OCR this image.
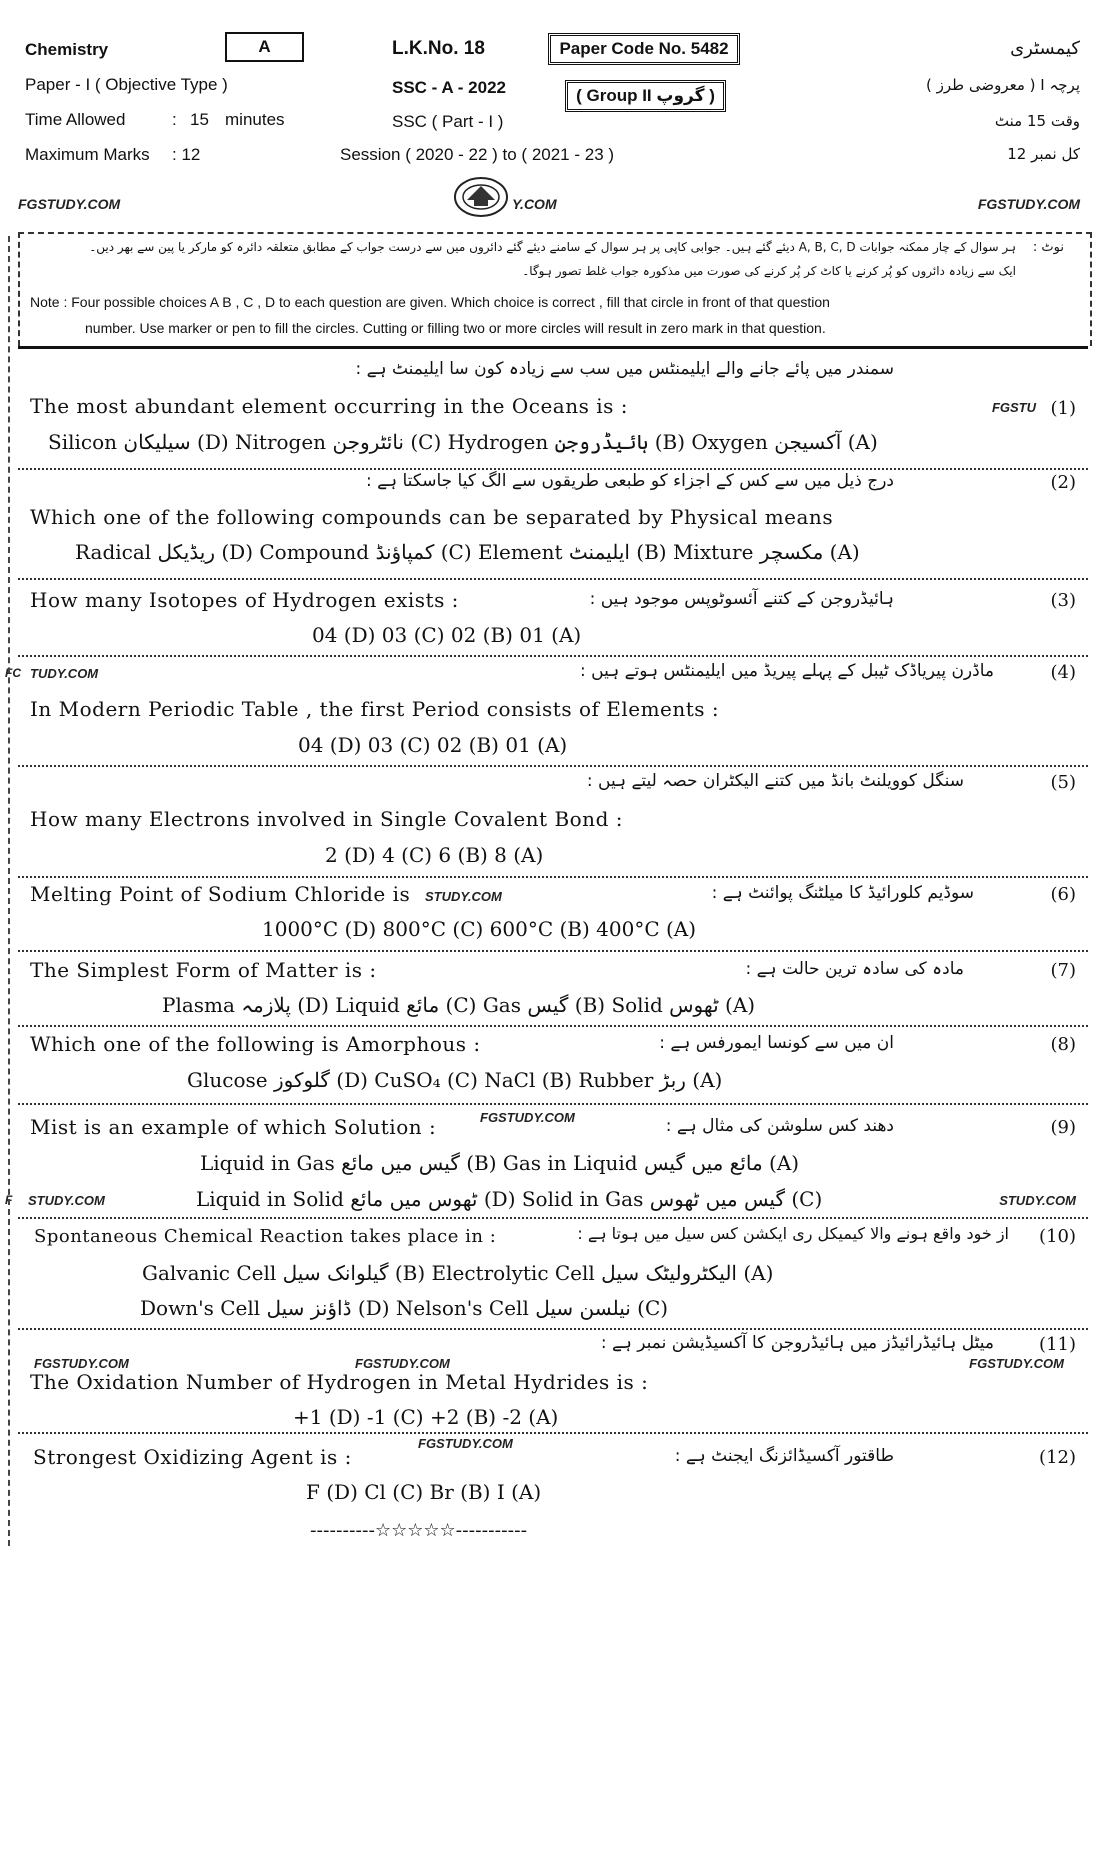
Chemistry
Paper - I ( Objective Type )
Time Allowed	: 15 minutes
Maximum Marks : 12
A	L.K.No. 18
SSC - A - 2022
SSC ( Part - I )
Session ( 2020 - 22 ) to ( 2021 - 23 )
Paper Code No. 5482
( Group II گروپ )
کیمسٹری
پرچہ I ( معروضی طرز )
وقت 15 منٹ
کل نمبر 12
FGSTUDY.COM	Y.COM	FGSTUDY.COM
نوٹ :
ہر سوال کے چار ممکنہ جوابات A, B, C, D دیئے گئے ہیں۔ جوابی کاپی پر ہر سوال کے سامنے دیئے گئے دائروں میں سے درست جواب کے مطابق متعلقہ دائرہ کو مارکر یا پین سے بھر دیں۔
ایک سے زیادہ دائروں کو پُر کرنے یا کاٹ کر پُر کرنے کی صورت میں مذکورہ جواب غلط تصور ہوگا۔
Note : Four possible choices A B , C , D to each question are given. Which choice is correct , fill that circle in front of that question
number. Use marker or pen to fill the circles. Cutting or filling two or more circles will result in zero mark in that question.
سمندر میں پائے جانے والے ایلیمنٹس میں سب سے زیادہ کون سا ایلیمنٹ ہے :
The most abundant element occurring in the Oceans is :	FGSTU (1)
Silicon سیلیکان (D) Nitrogen نائٹروجن (C) Hydrogen ہائیڈروجن (B) Oxygen آکسیجن (A)
درج ذیل میں سے کس کے اجزاء کو طبعی طریقوں سے الگ کیا جاسکتا ہے :	(2)
Which one of the following compounds can be separated by Physical means
Radical ریڈیکل (D) Compound کمپاؤنڈ (C) Element ایلیمنٹ (B) Mixture مکسچر (A)
How many Isotopes of Hydrogen exists :	ہائیڈروجن کے کتنے آئسوٹوپس موجود ہیں :	(3)
04 (D) 03 (C) 02 (B) 01 (A)
TUDY.COM
FC	ماڈرن پیریاڈک ٹیبل کے پہلے پیریڈ میں ایلیمنٹس ہوتے ہیں :	(4)
In Modern Periodic Table , the first Period consists of Elements :
04 (D) 03 (C) 02 (B) 01 (A)
سنگل کوویلنٹ بانڈ میں کتنے الیکٹران حصہ لیتے ہیں :	(5)
How many Electrons involved in Single Covalent Bond :
2 (D) 4 (C) 6 (B) 8 (A)
Melting Point of Sodium Chloride is STUDY.COM	سوڈیم کلورائیڈ کا میلٹنگ پوائنٹ ہے :	(6)
1000°C (D) 800°C (C) 600°C (B) 400°C (A)
The Simplest Form of Matter is :	مادہ کی سادہ ترین حالت ہے :	(7)
Plasma پلازمہ (D) Liquid مائع (C) Gas گیس (B) Solid ٹھوس (A)
Which one of the following is Amorphous :	ان میں سے کونسا ایمورفس ہے :	(8)
Glucose گلوکوز (D) CuSO₄ (C) NaCl (B) Rubber ربڑ (A)
FGSTUDY.COM
Mist is an example of which Solution :	دھند کس سلوشن کی مثال ہے :	(9)
Liquid in Gas گیس میں مائع (B) Gas in Liquid مائع میں گیس (A)
F STUDY.COM	Liquid in Solid ٹھوس میں مائع (D) Solid in Gas گیس میں ٹھوس (C)	STUDY.COM
Spontaneous Chemical Reaction takes place in :	از خود واقع ہونے والا کیمیکل ری ایکشن کس سیل میں ہوتا ہے : (10)
Galvanic Cell گیلوانک سیل (B) Electrolytic Cell الیکٹرولیٹک سیل (A)
Down's Cell ڈاؤنز سیل (D) Nelson's Cell نیلسن سیل (C)
میٹل ہائیڈرائیڈز میں ہائیڈروجن کا آکسیڈیشن نمبر ہے :	(11)
FGSTUDY.COM	FGSTUDY.COM	FGSTUDY.COM
The Oxidation Number of Hydrogen in Metal Hydrides is :
+1 (D) -1 (C) +2 (B) -2 (A)
FGSTUDY.COM
Strongest Oxidizing Agent is :	طاقتور آکسیڈائزنگ ایجنٹ ہے :	(12)
F (D) Cl (C) Br (B) I (A)
----------☆☆☆☆☆-----------
